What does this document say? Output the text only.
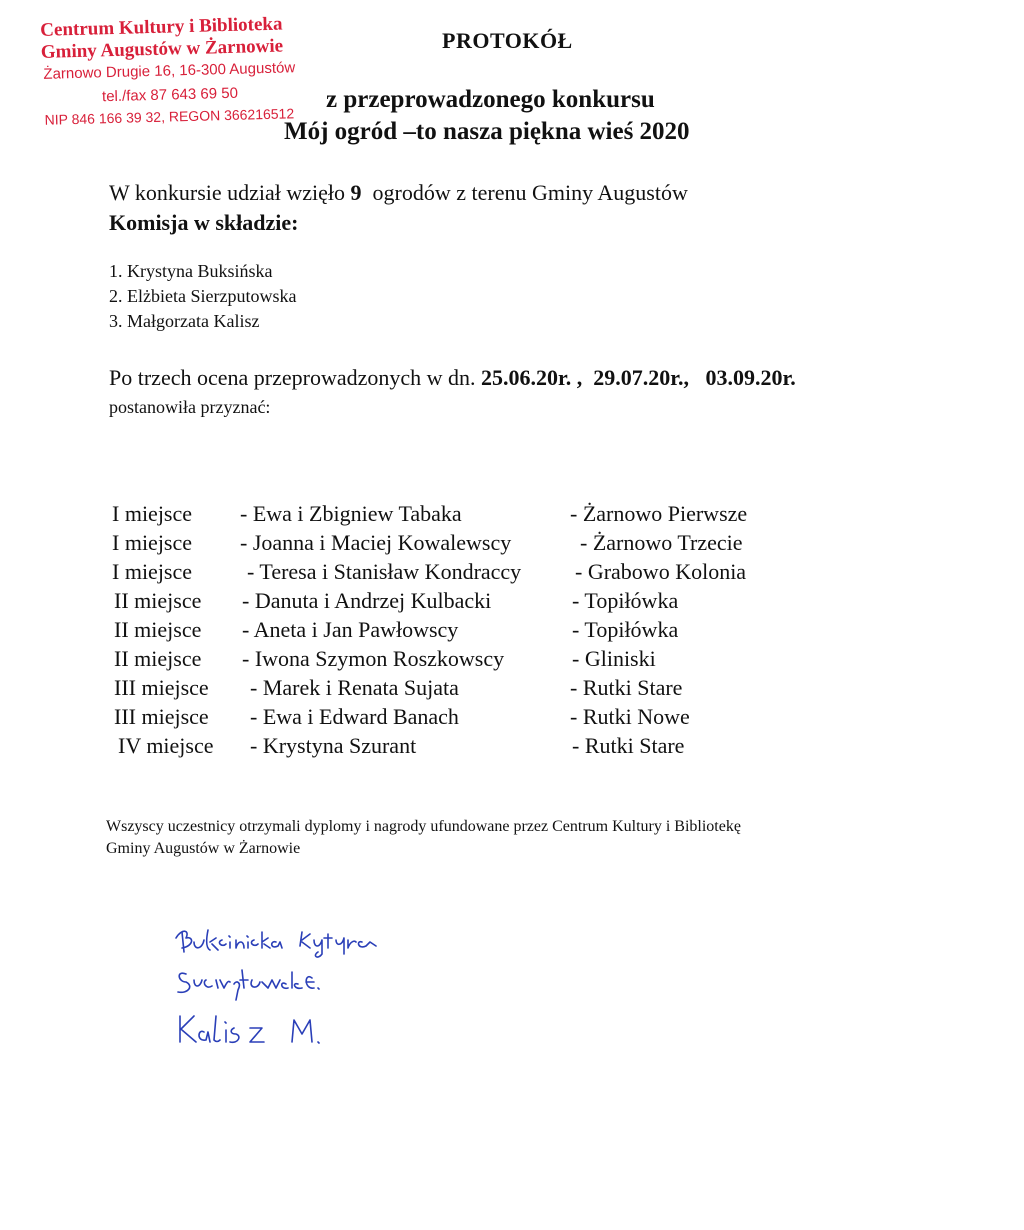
Centrum Kultury i Biblioteka
Gminy Augustów w Żarnowie
Żarnowo Drugie 16, 16-300 Augustów
tel./fax 87 643 69 50
NIP 846 166 39 32, REGON 366216512
PROTOKÓŁ
z przeprowadzonego konkursu
Mój ogród –to nasza piękna wieś 2020
W konkursie udział wzięło 9 ogrodów z terenu Gminy Augustów
Komisja w składzie:
1. Krystyna Buksińska
2. Elżbieta Sierzputowska
3. Małgorzata Kalisz
Po trzech ocena przeprowadzonych w dn. 25.06.20r. , 29.07.20r., 03.09.20r.
postanowiła przyznać:
I miejsce - Ewa i Zbigniew Tabaka	- Żarnowo Pierwsze
I miejsce - Joanna i Maciej Kowalewscy	- Żarnowo Trzecie
I miejsce - Teresa i Stanisław Kondraccy - Grabowo Kolonia
II miejsce - Danuta i Andrzej Kulbacki	- Topiłówka
II miejsce - Aneta i Jan Pawłowscy	- Topiłówka
II miejsce - Iwona Szymon Roszkowscy	- Gliniski
III miejsce - Marek i Renata Sujata	- Rutki Stare
III miejsce - Ewa i Edward Banach	- Rutki Nowe
IV miejsce - Krystyna Szurant	- Rutki Stare
Wszyscy uczestnicy otrzymali dyplomy i nagrody ufundowane przez Centrum Kultury i Bibliotekę
Gminy Augustów w Żarnowie
